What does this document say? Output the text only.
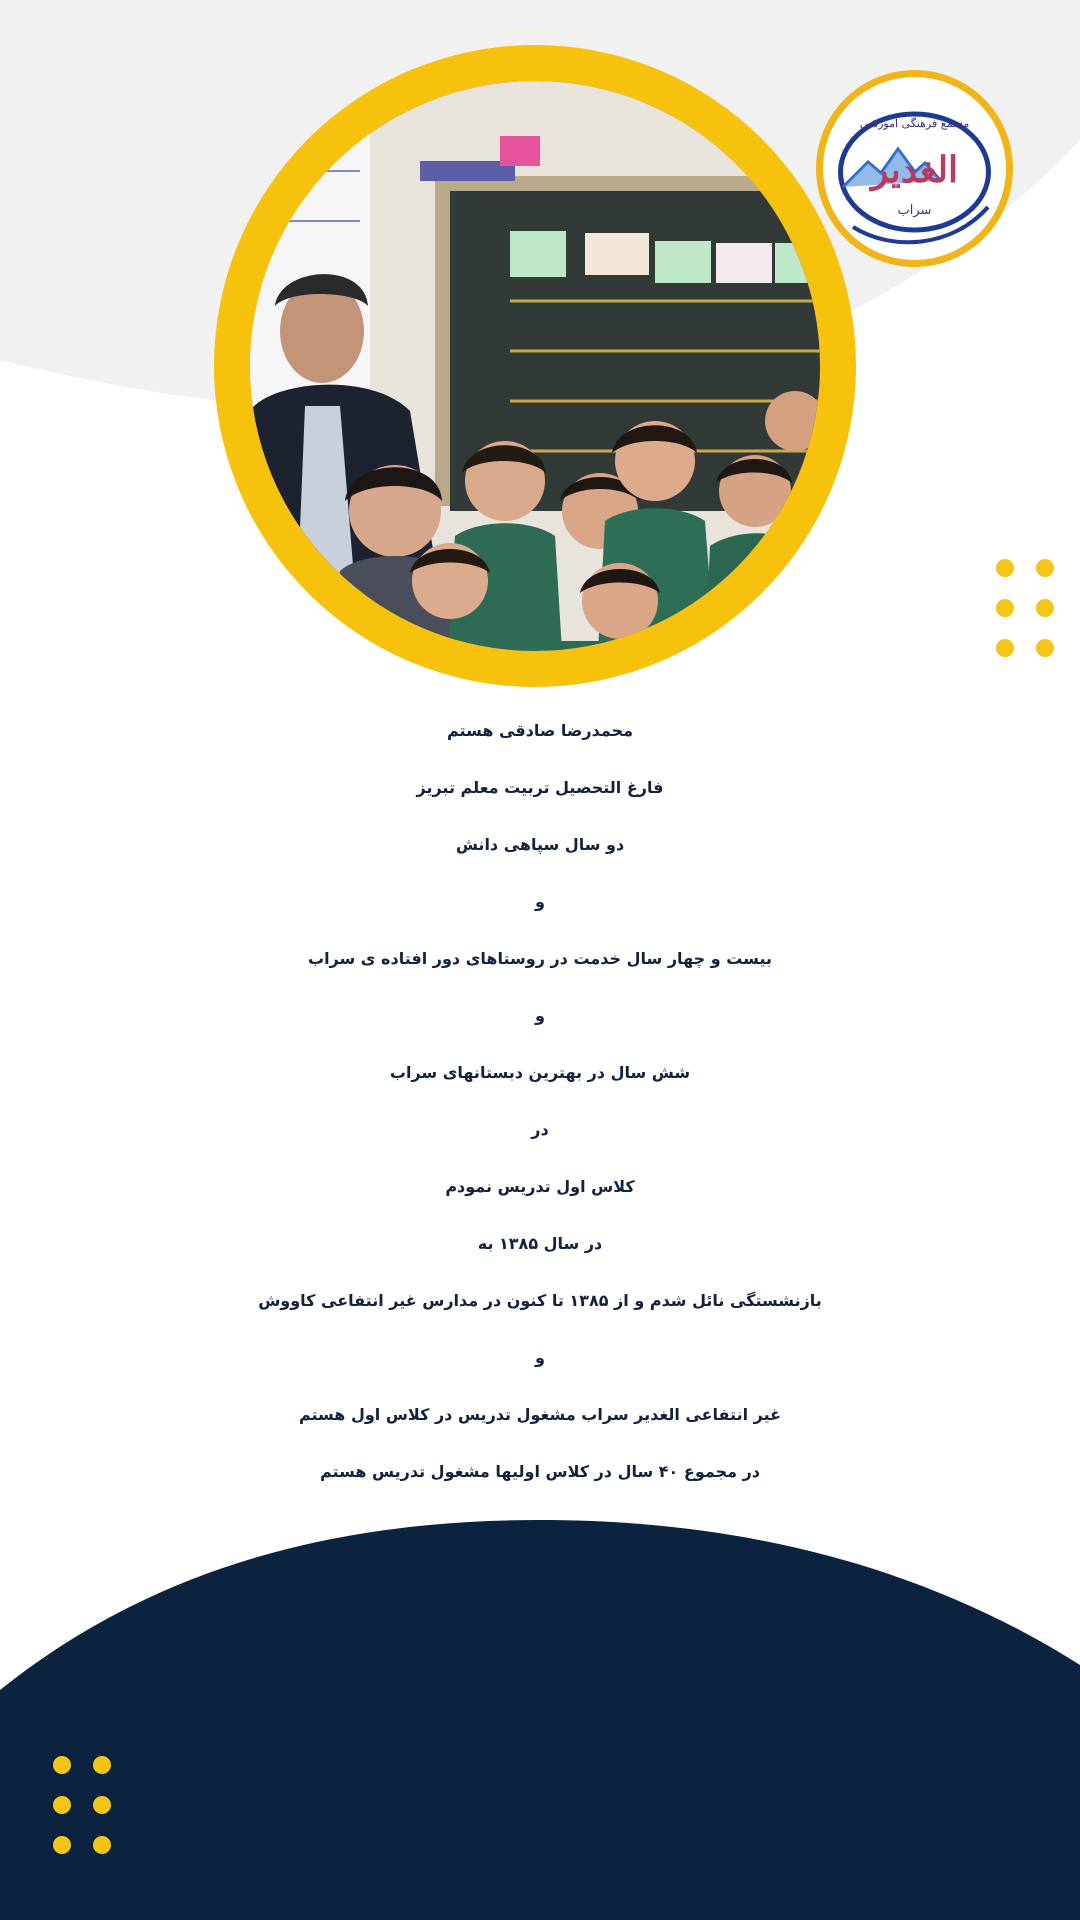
مجتمع فرهنگی آموزشی
الغدیر
سراب

محمدرضا صادقی هستم

فارغ التحصیل تربیت معلم تبریز

دو سال سپاهی دانش

و

بیست و چهار سال خدمت در روستاهای دور افتاده ی سراب

و

شش سال در بهترین دبستانهای سراب

در

کلاس اول تدریس نمودم

در سال ۱۳۸۵ به

بازنشستگی نائل شدم و از ۱۳۸۵ تا کنون در مدارس غیر انتفاعی کاووش

و

غیر انتفاعی الغدیر سراب مشغول تدریس در کلاس اول هستم

در مجموع ۴۰ سال در کلاس اولیها مشغول تدریس هستم
